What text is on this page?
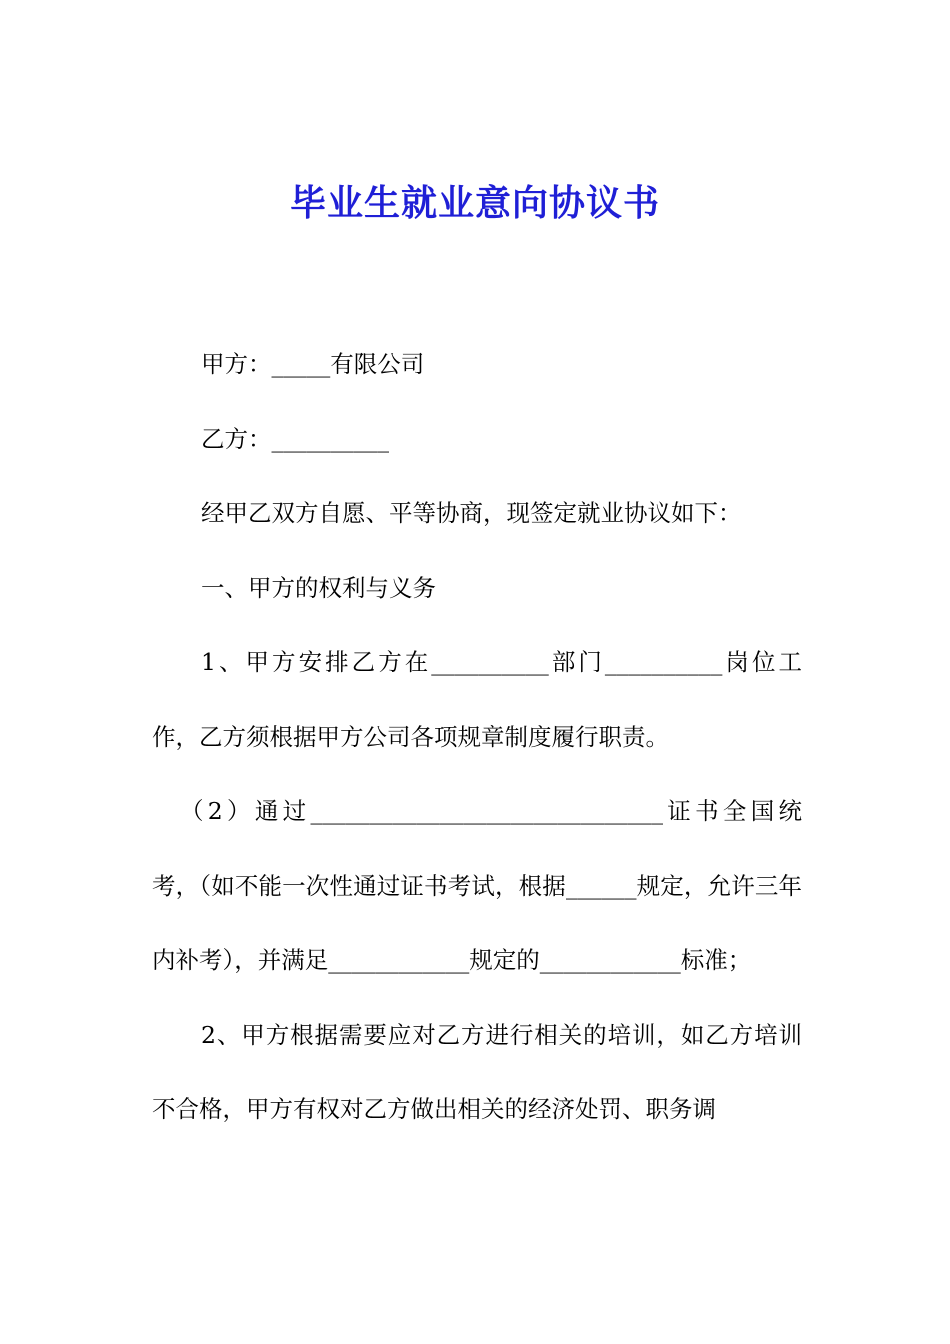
毕业生就业意向协议书

甲方：_____有限公司

乙方：__________

经甲乙双方自愿、平等协商，现签定就业协议如下：

一、甲方的权利与义务

1、甲方安排乙方在__________部门__________岗位工作，乙方须根据甲方公司各项规章制度履行职责。

（2）通过______________________________证书全国统考，（如不能一次性通过证书考试，根据______规定，允许三年内补考），并满足____________规定的____________标准；

2、甲方根据需要应对乙方进行相关的培训，如乙方培训不合格，甲方有权对乙方做出相关的经济处罚、职务调
